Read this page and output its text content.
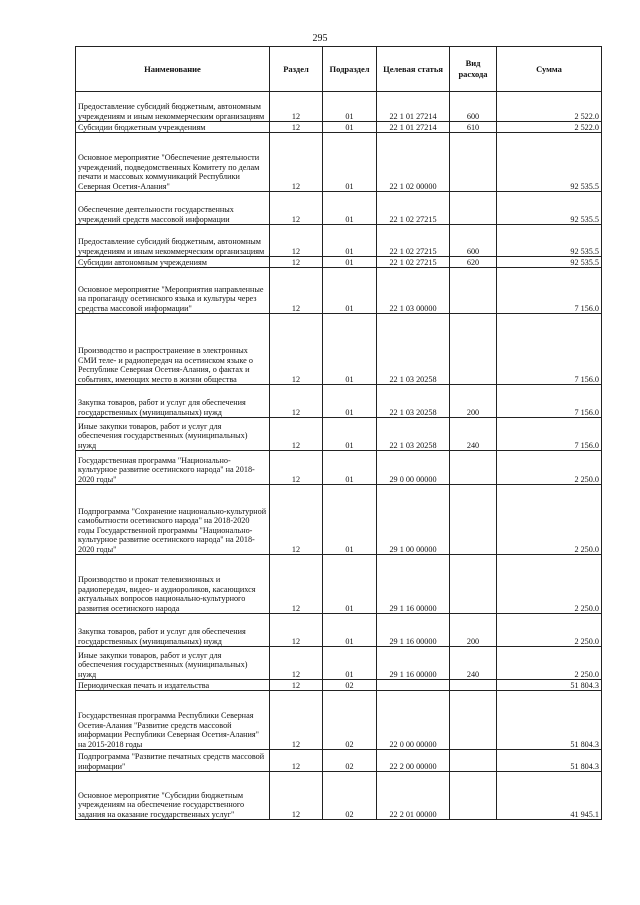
295
Наименование	Раздел	Подраздел	Целевая статья	Вид расхода	Сумма
Предоставление субсидий бюджетным, автономным учреждениям и иным некоммерческим организациям	12	01	22 1 01 27214	600	2 522.0
Субсидии бюджетным учреждениям	12	01	22 1 01 27214	610	2 522.0
Основное мероприятие "Обеспечение деятельности учреждений, подведомственных Комитету по делам печати и массовых коммуникаций Республики Северная Осетия-Алания"	12	01	22 1 02 00000		92 535.5
Обеспечение деятельности государственных учреждений средств массовой информации	12	01	22 1 02 27215		92 535.5
Предоставление субсидий бюджетным, автономным учреждениям и иным некоммерческим организациям	12	01	22 1 02 27215	600	92 535.5
Субсидии автономным учреждениям	12	01	22 1 02 27215	620	92 535.5
Основное мероприятие "Мероприятия направленные на пропаганду осетинского языка и культуры через средства массовой информации"	12	01	22 1 03 00000		7 156.0
Производство и распространение в электронных СМИ теле- и радиопередач на осетинском языке о Республике Северная Осетия-Алания, о фактах и событиях, имеющих место в жизни общества	12	01	22 1 03 20258		7 156.0
Закупка товаров, работ и услуг для обеспечения государственных (муниципальных) нужд	12	01	22 1 03 20258	200	7 156.0
Иные закупки товаров, работ и услуг для обеспечения государственных (муниципальных) нужд	12	01	22 1 03 20258	240	7 156.0
Государственная программа "Национально-культурное развитие осетинского народа" на 2018-2020 годы"	12	01	29 0 00 00000		2 250.0
Подпрограмма "Сохранение национально-культурной самобытности осетинского народа" на 2018-2020 годы Государственной программы "Национально-культурное развитие осетинского народа" на 2018-2020 годы"	12	01	29 1 00 00000		2 250.0
Производство и прокат телевизионных и радиопередач, видео- и аудиороликов, касающихся актуальных вопросов национально-культурного развития осетинского народа	12	01	29 1 16 00000		2 250.0
Закупка товаров, работ и услуг для обеспечения государственных (муниципальных) нужд	12	01	29 1 16 00000	200	2 250.0
Иные закупки товаров, работ и услуг для обеспечения государственных (муниципальных) нужд	12	01	29 1 16 00000	240	2 250.0
Периодическая печать и издательства	12	02			51 804.3
Государственная программа Республики Северная Осетия-Алания "Развитие средств массовой информации Республики Северная Осетия-Алания" на 2015-2018 годы	12	02	22 0 00 00000		51 804.3
Подпрограмма "Развитие печатных средств массовой информации"	12	02	22 2 00 00000		51 804.3
Основное мероприятие "Субсидии бюджетным учреждениям на обеспечение государственного задания на оказание государственных услуг"	12	02	22 2 01 00000		41 945.1
